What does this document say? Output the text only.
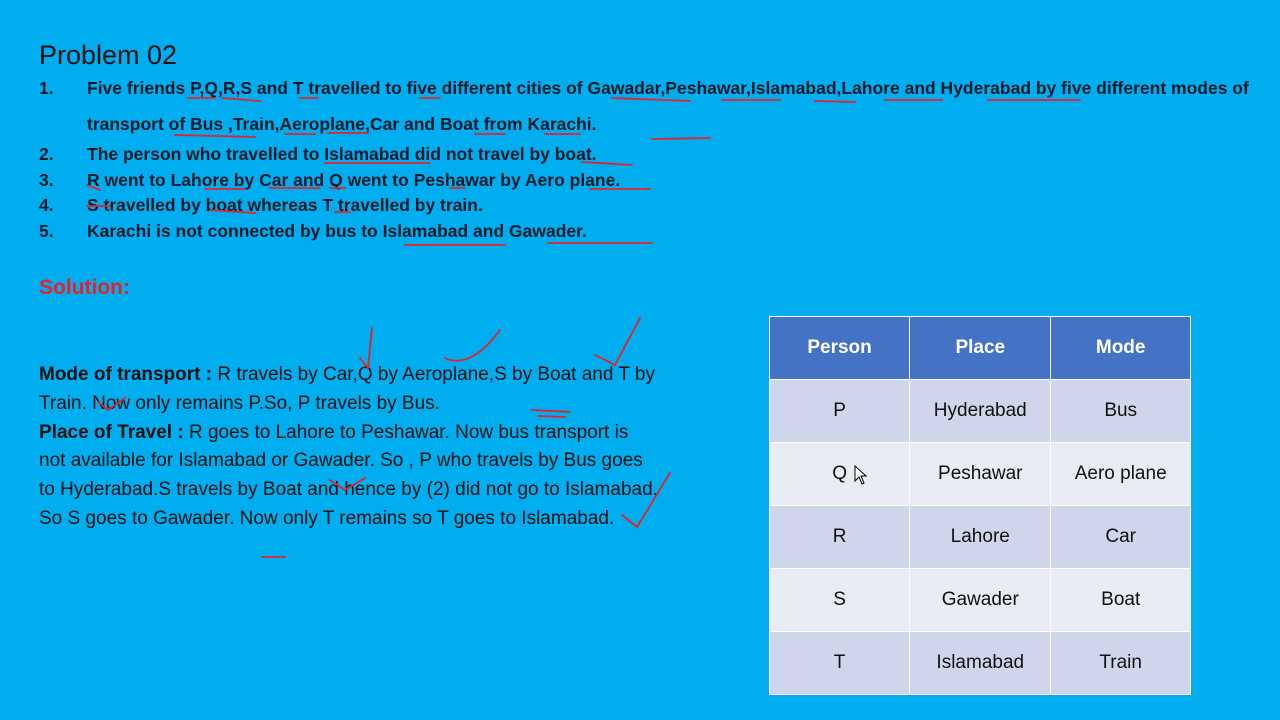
Problem 02
1.	Five friends P,Q,R,S and T travelled to five different cities of Gawadar,Peshawar,Islamabad,Lahore and Hyderabad by five different modes of transport of Bus ,Train,Aeroplane,Car and Boat from Karachi.
2.	The person who travelled to Islamabad did not travel by boat.
3.	R went to Lahore by Car and Q went to Peshawar by Aero plane.
4.	S travelled by boat whereas T travelled by train.
5.	Karachi is not connected by bus to Islamabad and Gawader.
Solution:
Mode of transport : R travels by Car,Q by Aeroplane,S by Boat and T by Train. Now only remains P.So, P travels by Bus.
Place of Travel : R goes to Lahore to Peshawar. Now bus transport is not available for Islamabad or Gawader. So , P who travels by Bus goes to Hyderabad.S travels by Boat and hence by (2) did not go to Islamabad. So S goes to Gawader. Now only T remains so T goes to Islamabad.
Person	Place	Mode
P	Hyderabad	Bus
Q	Peshawar	Aero plane
R	Lahore	Car
S	Gawader	Boat
T	Islamabad	Train
